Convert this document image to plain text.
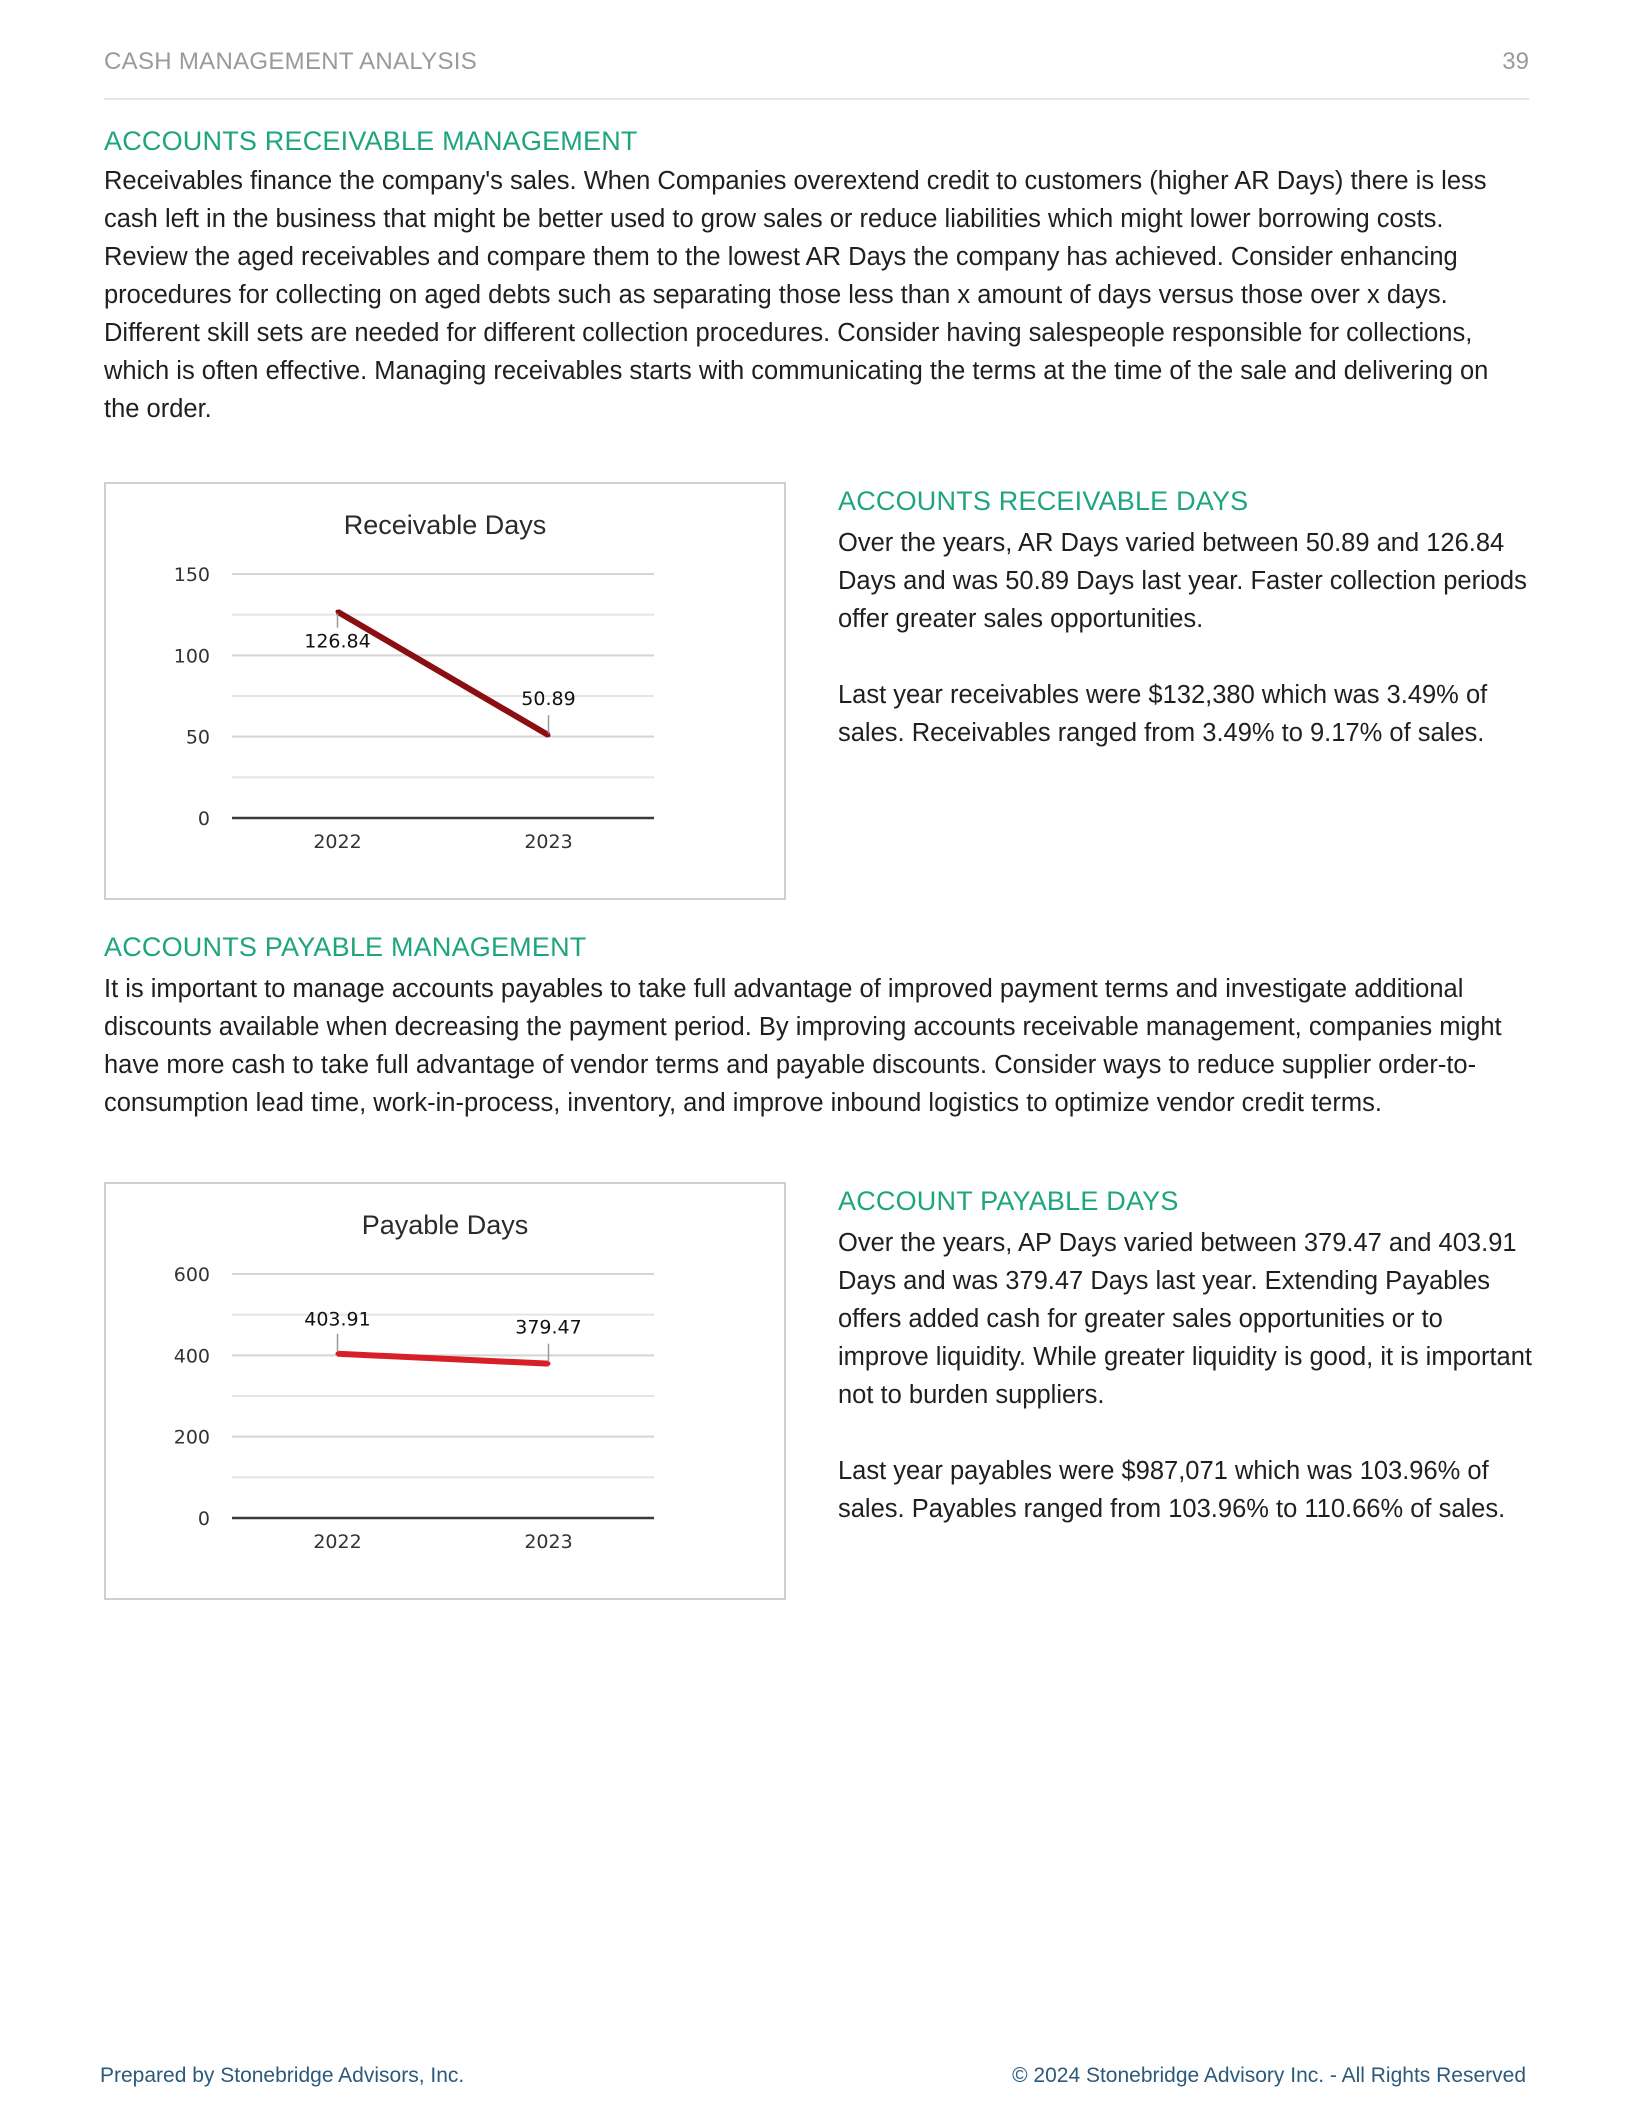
CASH MANAGEMENT ANALYSIS	39
ACCOUNTS RECEIVABLE MANAGEMENT

Receivables finance the company's sales. When Companies overextend credit to customers (higher AR Days) there is less cash left in the business that might be better used to grow sales or reduce liabilities which might lower borrowing costs. Review the aged receivables and compare them to the lowest AR Days the company has achieved. Consider enhancing procedures for collecting on aged debts such as separating those less than x amount of days versus those over x days. Different skill sets are needed for different collection procedures. Consider having salespeople responsible for collections, which is often effective. Managing receivables starts with communicating the terms at the time of the sale and delivering on the order.

Receivable Days
0
50
100
150
2022	2023
126.84
50.89
ACCOUNTS RECEIVABLE DAYS

Over the years, AR Days varied between 50.89 and 126.84 Days and was 50.89 Days last year. Faster collection periods offer greater sales opportunities.

Last year receivables were $132,380 which was 3.49% of sales. Receivables ranged from 3.49% to 9.17% of sales.

ACCOUNTS PAYABLE MANAGEMENT

It is important to manage accounts payables to take full advantage of improved payment terms and investigate additional discounts available when decreasing the payment period. By improving accounts receivable management, companies might have more cash to take full advantage of vendor terms and payable discounts. Consider ways to reduce supplier order-to-consumption lead time, work-in-process, inventory, and improve inbound logistics to optimize vendor credit terms.

Payable Days
0
200
400
600
2022	2023
403.91	379.47
ACCOUNT PAYABLE DAYS

Over the years, AP Days varied between 379.47 and 403.91 Days and was 379.47 Days last year. Extending Payables offers added cash for greater sales opportunities or to improve liquidity. While greater liquidity is good, it is important not to burden suppliers.

Last year payables were $987,071 which was 103.96% of sales. Payables ranged from 103.96% to 110.66% of sales.

Prepared by Stonebridge Advisors, Inc.	© 2024 Stonebridge Advisory Inc. - All Rights Reserved
